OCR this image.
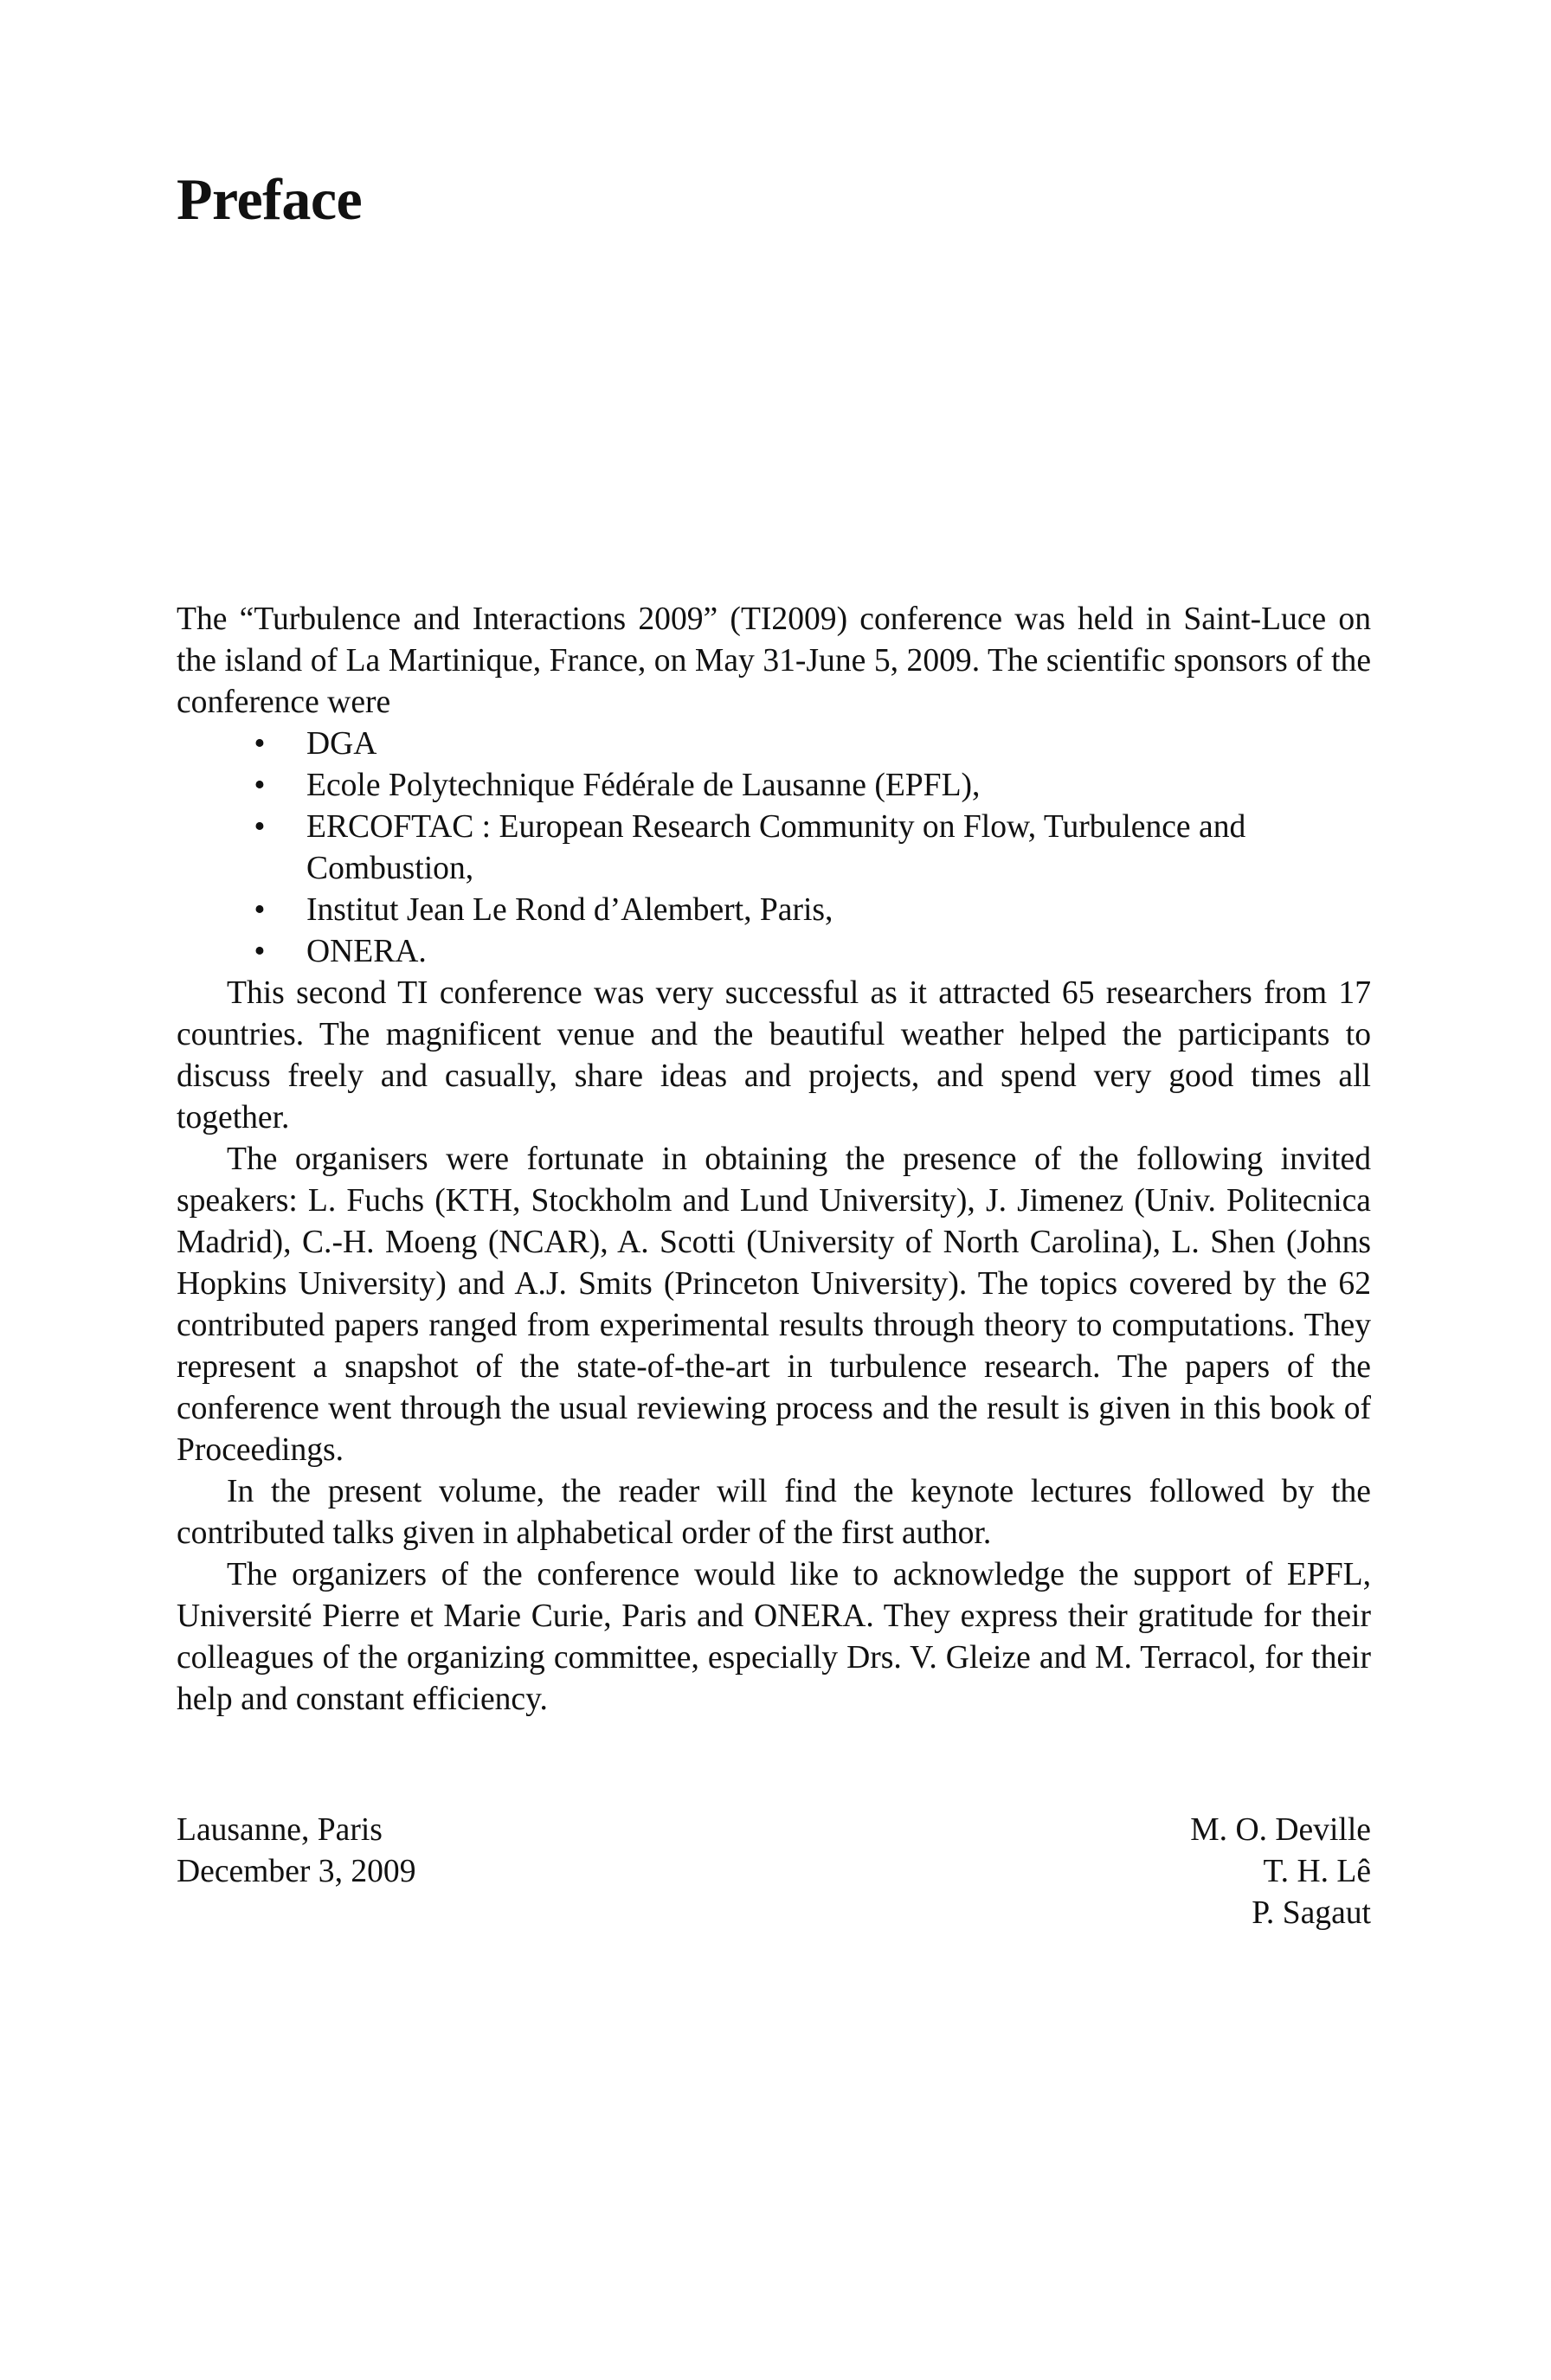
Preface

The “Turbulence and Interactions 2009” (TI2009) conference was held in Saint-Luce on the island of La Martinique, France, on May 31-June 5, 2009. The scientific sponsors of the conference were

• DGA
• Ecole Polytechnique Fédérale de Lausanne (EPFL),
• ERCOFTAC : European Research Community on Flow, Turbulence and Combustion,
• Institut Jean Le Rond d’Alembert, Paris,
• ONERA.

This second TI conference was very successful as it attracted 65 researchers from 17 countries. The magnificent venue and the beautiful weather helped the participants to discuss freely and casually, share ideas and projects, and spend very good times all together.

The organisers were fortunate in obtaining the presence of the following invited speakers: L. Fuchs (KTH, Stockholm and Lund University), J. Jimenez (Univ. Politecnica Madrid), C.-H. Moeng (NCAR), A. Scotti (University of North Carolina), L. Shen (Johns Hopkins University) and A.J. Smits (Princeton University). The topics covered by the 62 contributed papers ranged from experimental results through theory to computations. They represent a snapshot of the state-of-the-art in turbulence research. The papers of the conference went through the usual reviewing process and the result is given in this book of Proceedings.

In the present volume, the reader will find the keynote lectures followed by the contributed talks given in alphabetical order of the first author.

The organizers of the conference would like to acknowledge the support of EPFL, Université Pierre et Marie Curie, Paris and ONERA. They express their gratitude for their colleagues of the organizing committee, especially Drs. V. Gleize and M. Terracol, for their help and constant efficiency.

Lausanne, Paris
December 3, 2009
M. O. Deville
T. H. Lê
P. Sagaut
